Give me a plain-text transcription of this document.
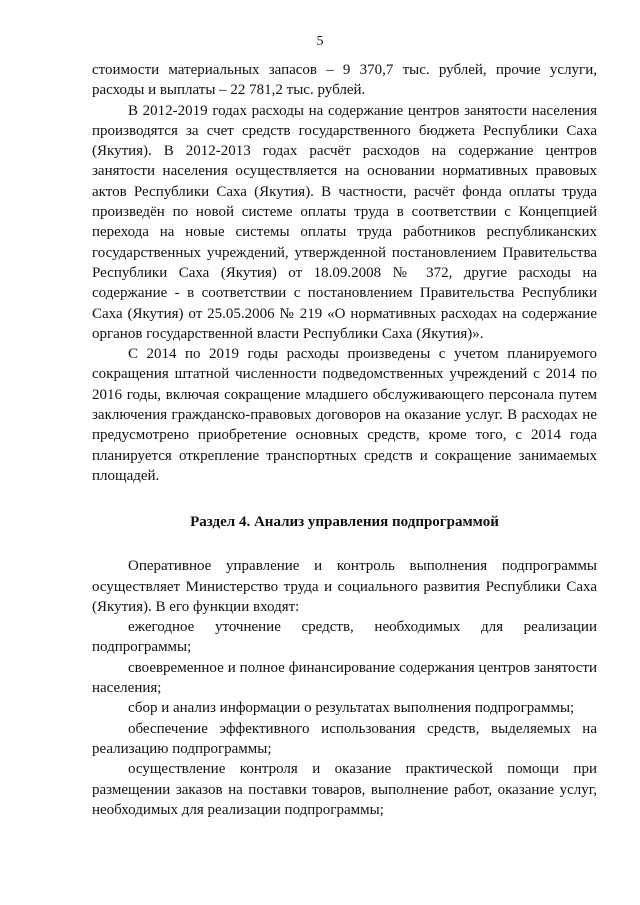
5

стоимости материальных запасов – 9 370,7 тыс. рублей, прочие услуги, расходы и выплаты – 22 781,2 тыс. рублей.

В 2012-2019 годах расходы на содержание центров занятости населения производятся за счет средств государственного бюджета Республики Саха (Якутия). В 2012-2013 годах расчёт расходов на содержание центров занятости населения осуществляется на основании нормативных правовых актов Республики Саха (Якутия). В частности, расчёт фонда оплаты труда произведён по новой системе оплаты труда в соответствии с Концепцией перехода на новые системы оплаты труда работников республиканских государственных учреждений, утвержденной постановлением Правительства Республики Саха (Якутия) от 18.09.2008 № 372, другие расходы на содержание - в соответствии с постановлением Правительства Республики Саха (Якутия) от 25.05.2006 № 219 «О нормативных расходах на содержание органов государственной власти Республики Саха (Якутия)».

С 2014 по 2019 годы расходы произведены с учетом планируемого сокращения штатной численности подведомственных учреждений с 2014 по 2016 годы, включая сокращение младшего обслуживающего персонала путем заключения гражданско-правовых договоров на оказание услуг. В расходах не предусмотрено приобретение основных средств, кроме того, с 2014 года планируется открепление транспортных средств и сокращение занимаемых площадей.

Раздел 4. Анализ управления подпрограммой

Оперативное управление и контроль выполнения подпрограммы осуществляет Министерство труда и социального развития Республики Саха (Якутия). В его функции входят:

ежегодное уточнение средств, необходимых для реализации подпрограммы;

своевременное и полное финансирование содержания центров занятости населения;

сбор и анализ информации о результатах выполнения подпрограммы;

обеспечение эффективного использования средств, выделяемых на реализацию подпрограммы;

осуществление контроля и оказание практической помощи при размещении заказов на поставки товаров, выполнение работ, оказание услуг, необходимых для реализации подпрограммы;
